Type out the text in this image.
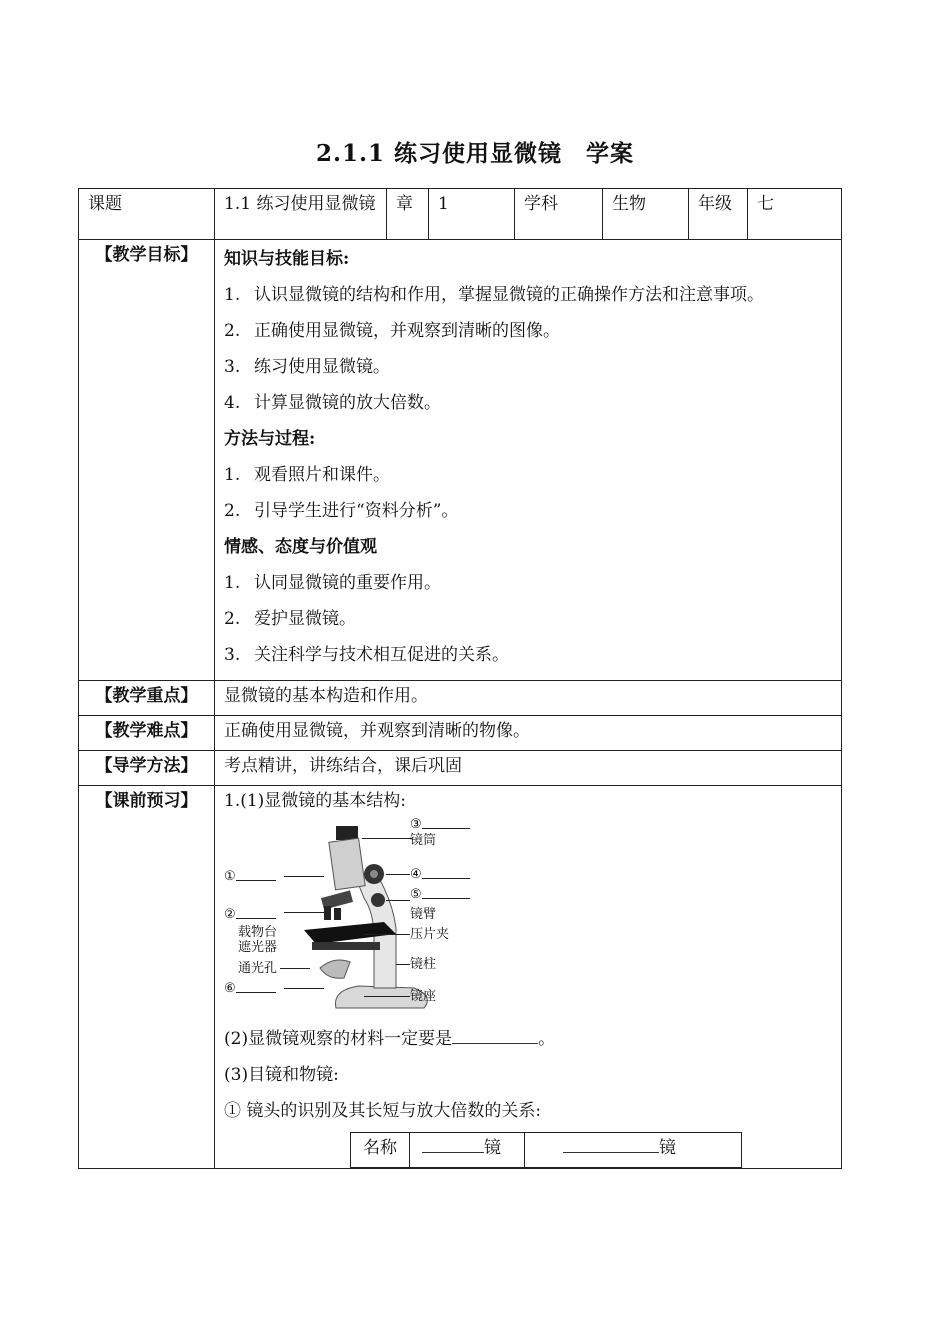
2.1.1 练习使用显微镜　学案
课题	1.1 练习使用显微镜	章	1	学科	生物	年级	七
【教学目标】	知识与技能目标:
1. 认识显微镜的结构和作用，掌握显微镜的正确操作方法和注意事项。
2. 正确使用显微镜，并观察到清晰的图像。
3. 练习使用显微镜。
4. 计算显微镜的放大倍数。
方法与过程:
1. 观看照片和课件。
2. 引导学生进行“资料分析”。
情感、态度与价值观
1. 认同显微镜的重要作用。
2. 爱护显微镜。
3. 关注科学与技术相互促进的关系。

【教学重点】	显微镜的基本构造和作用。
【教学难点】	正确使用显微镜，并观察到清晰的物像。
【导学方法】	考点精讲，讲练结合，课后巩固
【课前预习】	1.(1)显微镜的基本结构:
③
镜筒
①	④
⑤
②	镜臂
载物台	压片夹
遮光器
镜柱
通光孔
⑥
镜座
(2)显微镜观察的材料一定要是	。
(3)目镜和物镜:
① 镜头的识别及其长短与放大倍数的关系:
名称	镜	镜
